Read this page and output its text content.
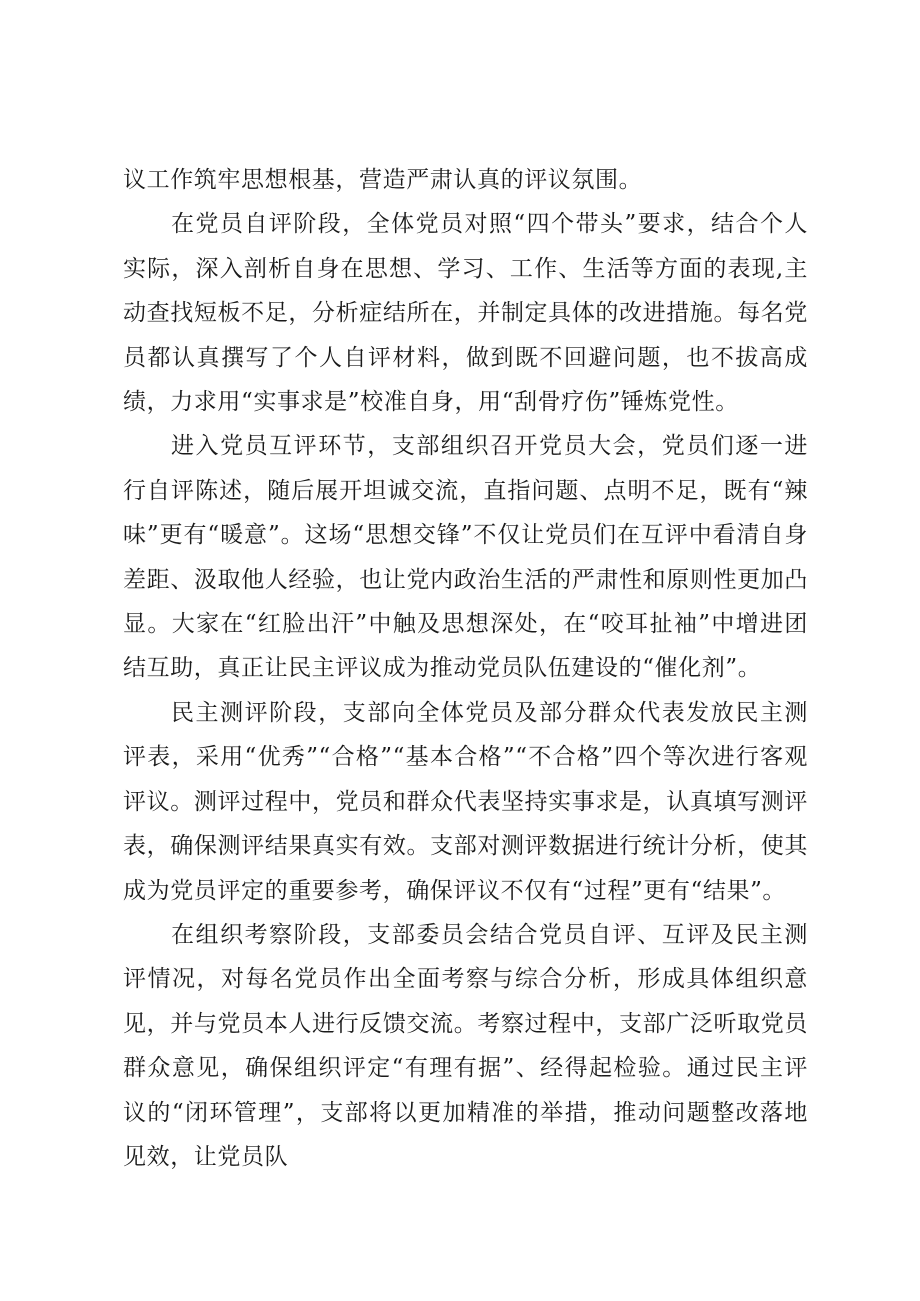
议工作筑牢思想根基，营造严肃认真的评议氛围。

在党员自评阶段，全体党员对照“四个带头”要求，结合个人实际，深入剖析自身在思想、学习、工作、生活等方面的表现,主动查找短板不足，分析症结所在，并制定具体的改进措施。每名党员都认真撰写了个人自评材料，做到既不回避问题，也不拔高成绩，力求用“实事求是”校准自身，用“刮骨疗伤”锤炼党性。

进入党员互评环节，支部组织召开党员大会，党员们逐一进行自评陈述，随后展开坦诚交流，直指问题、点明不足，既有“辣味”更有“暖意”。这场“思想交锋”不仅让党员们在互评中看清自身差距、汲取他人经验，也让党内政治生活的严肃性和原则性更加凸显。大家在“红脸出汗”中触及思想深处，在“咬耳扯袖”中增进团结互助，真正让民主评议成为推动党员队伍建设的“催化剂”。

民主测评阶段，支部向全体党员及部分群众代表发放民主测评表，采用“优秀”“合格”“基本合格”“不合格”四个等次进行客观评议。测评过程中，党员和群众代表坚持实事求是，认真填写测评表，确保测评结果真实有效。支部对测评数据进行统计分析，使其成为党员评定的重要参考，确保评议不仅有“过程”更有“结果”。

在组织考察阶段，支部委员会结合党员自评、互评及民主测评情况，对每名党员作出全面考察与综合分析，形成具体组织意见，并与党员本人进行反馈交流。考察过程中，支部广泛听取党员群众意见，确保组织评定“有理有据”、经得起检验。通过民主评议的“闭环管理”，支部将以更加精准的举措，推动问题整改落地见效，让党员队
